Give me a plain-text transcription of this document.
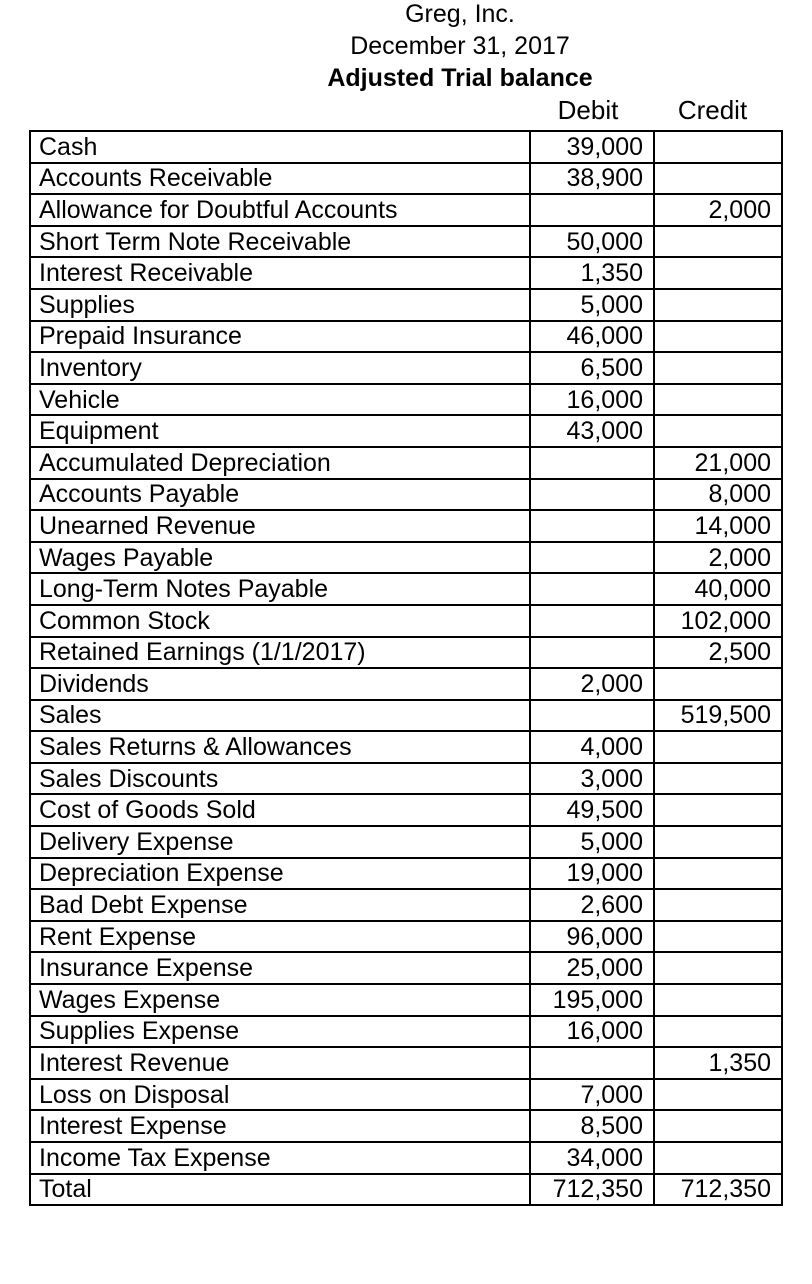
Greg, Inc.
December 31, 2017
Adjusted Trial balance
Debit	Credit
Cash	39,000	
Accounts Receivable	38,900	
Allowance for Doubtful Accounts		2,000
Short Term Note Receivable	50,000	
Interest Receivable	1,350	
Supplies	5,000	
Prepaid Insurance	46,000	
Inventory	6,500	
Vehicle	16,000	
Equipment	43,000	
Accumulated Depreciation		21,000
Accounts Payable		8,000
Unearned Revenue		14,000
Wages Payable		2,000
Long-Term Notes Payable		40,000
Common Stock		102,000
Retained Earnings (1/1/2017)		2,500
Dividends	2,000	
Sales		519,500
Sales Returns & Allowances	4,000	
Sales Discounts	3,000	
Cost of Goods Sold	49,500	
Delivery Expense	5,000	
Depreciation Expense	19,000	
Bad Debt Expense	2,600	
Rent Expense	96,000	
Insurance Expense	25,000	
Wages Expense	195,000	
Supplies Expense	16,000	
Interest Revenue		1,350
Loss on Disposal	7,000	
Interest Expense	8,500	
Income Tax Expense	34,000	
Total	712,350	712,350
